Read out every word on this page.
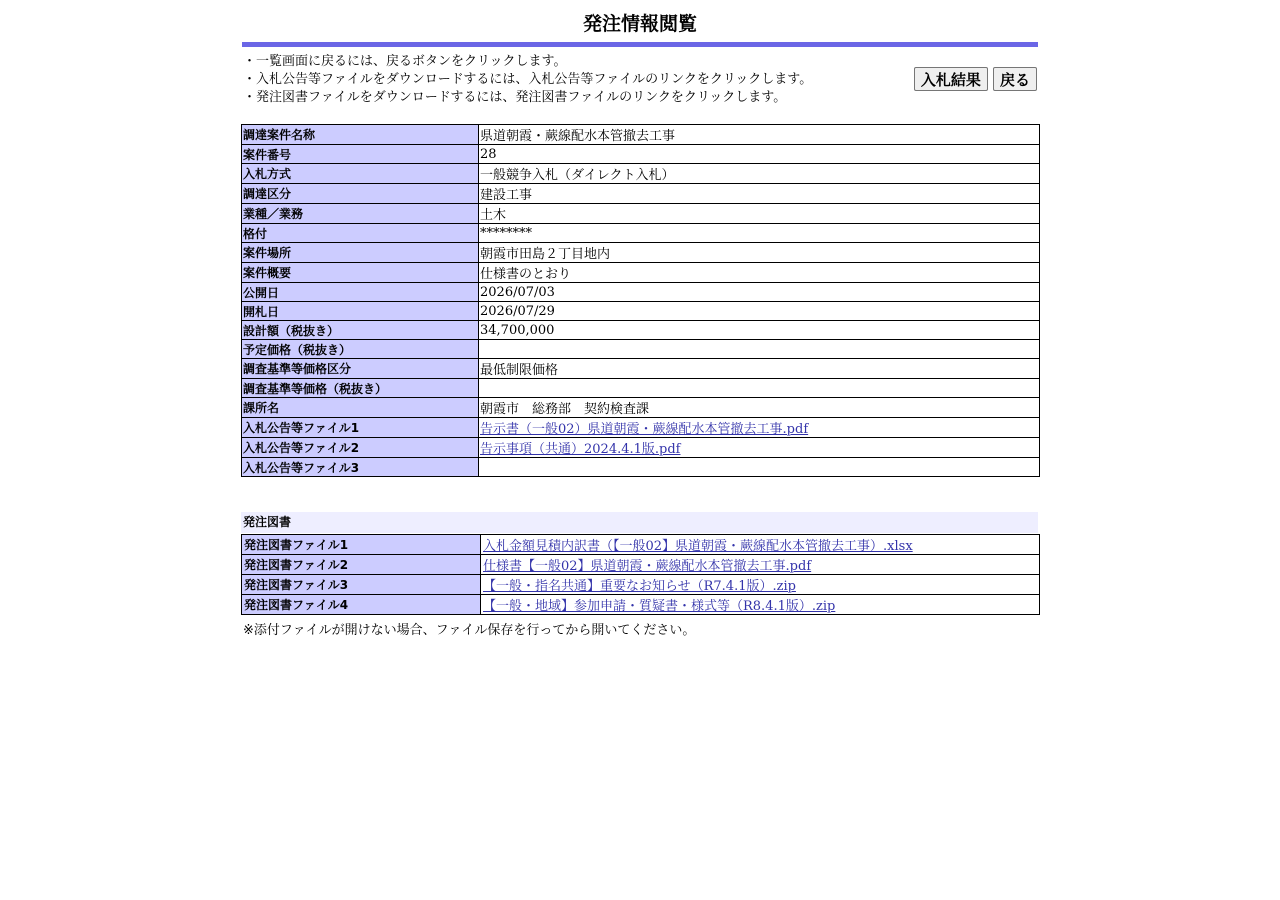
発注情報閲覧
・一覧画面に戻るには、戻るボタンをクリックします。
・入札公告等ファイルをダウンロードするには、入札公告等ファイルのリンクをクリックします。
・発注図書ファイルをダウンロードするには、発注図書ファイルのリンクをクリックします。
入札結果 戻る
調達案件名称	県道朝霞・蕨線配水本管撤去工事
案件番号	28
入札方式	一般競争入札（ダイレクト入札）
調達区分	建設工事
業種／業務	土木
格付	********
案件場所	朝霞市田島２丁目地内
案件概要	仕様書のとおり
公開日	2026/07/03
開札日	2026/07/29
設計額（税抜き）	34,700,000
予定価格（税抜き）	
調査基準等価格区分	最低制限価格
調査基準等価格（税抜き）	
課所名	朝霞市　総務部　契約検査課
入札公告等ファイル1	告示書（一般02）県道朝霞・蕨線配水本管撤去工事.pdf
入札公告等ファイル2	告示事項（共通）2024.4.1版.pdf
入札公告等ファイル3	
発注図書
発注図書ファイル1	入札金額見積内訳書（【一般02】県道朝霞・蕨線配水本管撤去工事）.xlsx
発注図書ファイル2	仕様書【一般02】県道朝霞・蕨線配水本管撤去工事.pdf
発注図書ファイル3	【一般・指名共通】重要なお知らせ（R7.4.1版）.zip
発注図書ファイル4	【一般・地域】参加申請・質疑書・様式等（R8.4.1版）.zip
※添付ファイルが開けない場合、ファイル保存を行ってから開いてください。
